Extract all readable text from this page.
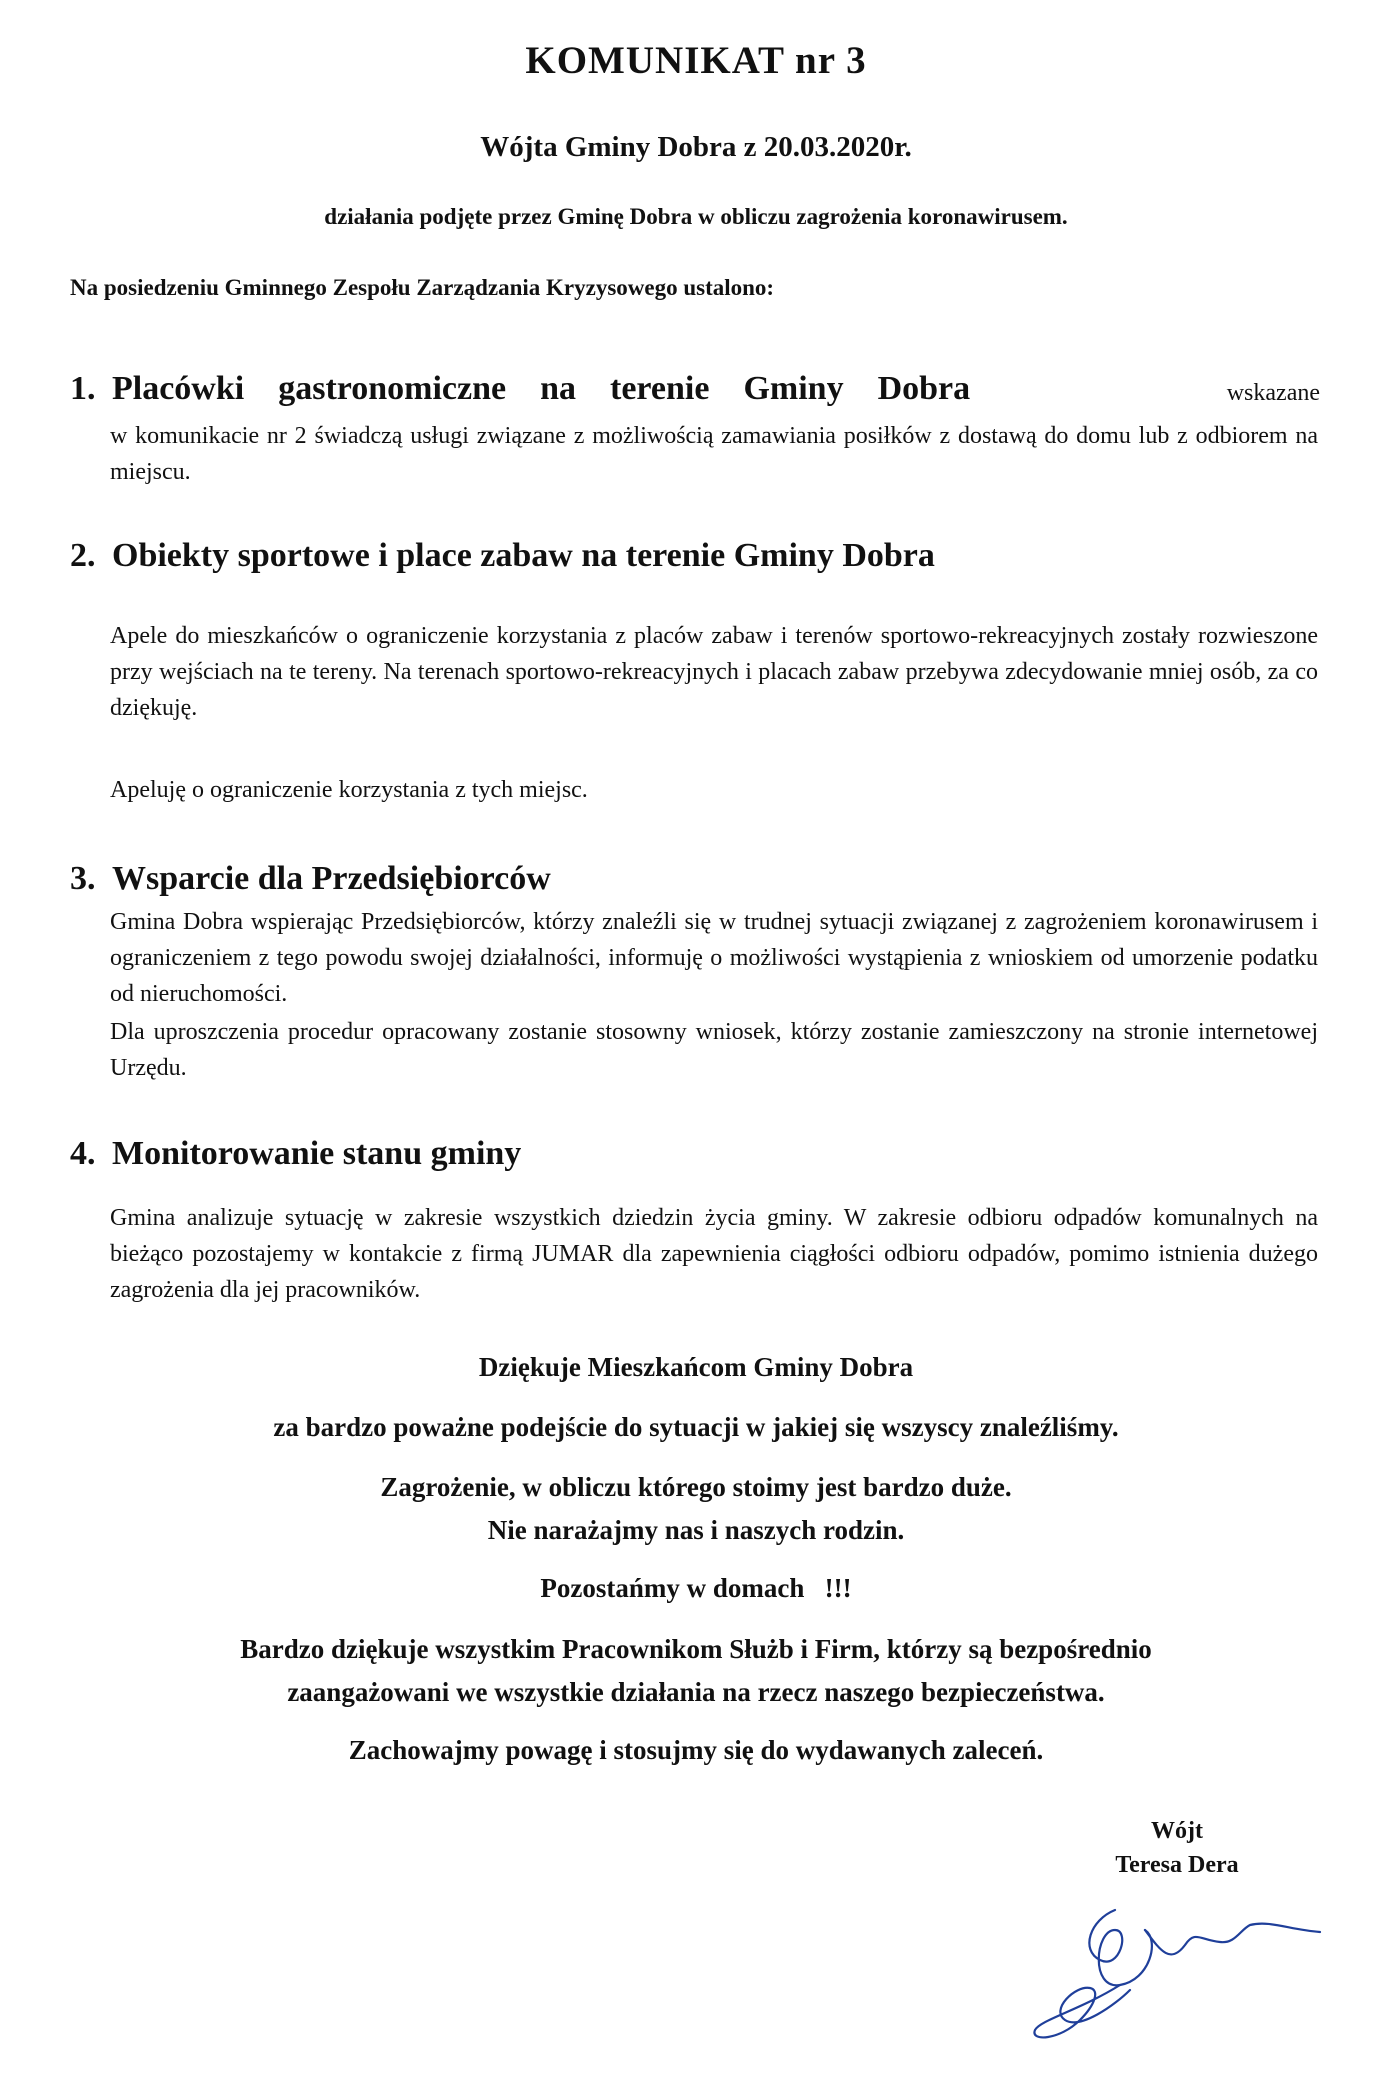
KOMUNIKAT nr 3
Wójta Gminy Dobra z 20.03.2020r.
działania podjęte przez Gminę Dobra w obliczu zagrożenia koronawirusem.
Na posiedzeniu Gminnego Zespołu Zarządzania Kryzysowego ustalono:
1. Placówki    gastronomiczne    na    terenie    Gminy    Dobra	wskazane

w komunikacie nr 2 świadczą usługi związane z możliwością zamawiania posiłków z dostawą do domu lub z odbiorem na miejscu.

2. Obiekty sportowe i place zabaw na terenie Gminy Dobra

Apele do mieszkańców o ograniczenie korzystania z placów zabaw i terenów sportowo-rekreacyjnych zostały rozwieszone przy wejściach na te tereny. Na terenach sportowo-rekreacyjnych i placach zabaw przebywa zdecydowanie mniej osób, za co dziękuję.

Apeluję o ograniczenie korzystania z tych miejsc.

3. Wsparcie dla Przedsiębiorców

Gmina Dobra wspierając Przedsiębiorców, którzy znaleźli się w trudnej sytuacji związanej z zagrożeniem koronawirusem i ograniczeniem z tego powodu swojej działalności, informuję o możliwości wystąpienia z wnioskiem od umorzenie podatku od nieruchomości.

Dla uproszczenia procedur opracowany zostanie stosowny wniosek, którzy zostanie zamieszczony na stronie internetowej Urzędu.

4. Monitorowanie stanu gminy

Gmina analizuje sytuację w zakresie wszystkich dziedzin życia gminy. W zakresie odbioru odpadów komunalnych na bieżąco pozostajemy w kontakcie z firmą JUMAR dla zapewnienia ciągłości odbioru odpadów, pomimo istnienia dużego zagrożenia dla jej pracowników.

Dziękuje Mieszkańcom Gminy Dobra
za bardzo poważne podejście do sytuacji w jakiej się wszyscy znaleźliśmy.
Zagrożenie, w obliczu którego stoimy jest bardzo duże.
Nie narażajmy nas i naszych rodzin.
Pozostańmy w domach   !!!
Bardzo dziękuje wszystkim Pracownikom Służb i Firm, którzy są bezpośrednio
zaangażowani we wszystkie działania na rzecz naszego bezpieczeństwa.
Zachowajmy powagę i stosujmy się do wydawanych zaleceń.
Wójt
Teresa Dera
